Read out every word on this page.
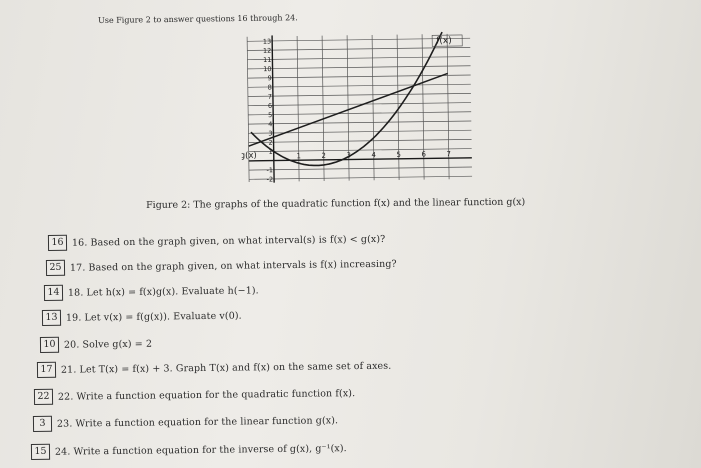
Use Figure 2 to answer questions 16 through 24.
13
12
11
10
9
8
7
6
5
4
3
2
1
-1
-2
1	2	3	4	5	6	7
f(x)
g(x)
Figure 2: The graphs of the quadratic function f(x) and the linear function g(x)
16 16. Based on the graph given, on what interval(s) is f(x) < g(x)?
25 17. Based on the graph given, on what intervals is f(x) increasing?
14 18. Let h(x) = f(x)g(x). Evaluate h(−1).
13 19. Let v(x) = f(g(x)). Evaluate v(0).
10 20. Solve g(x) = 2
17 21. Let T(x) = f(x) + 3. Graph T(x) and f(x) on the same set of axes.
22 22. Write a function equation for the quadratic function f(x).
3	23. Write a function equation for the linear function g(x).
15 24. Write a function equation for the inverse of g(x), g⁻¹(x).
